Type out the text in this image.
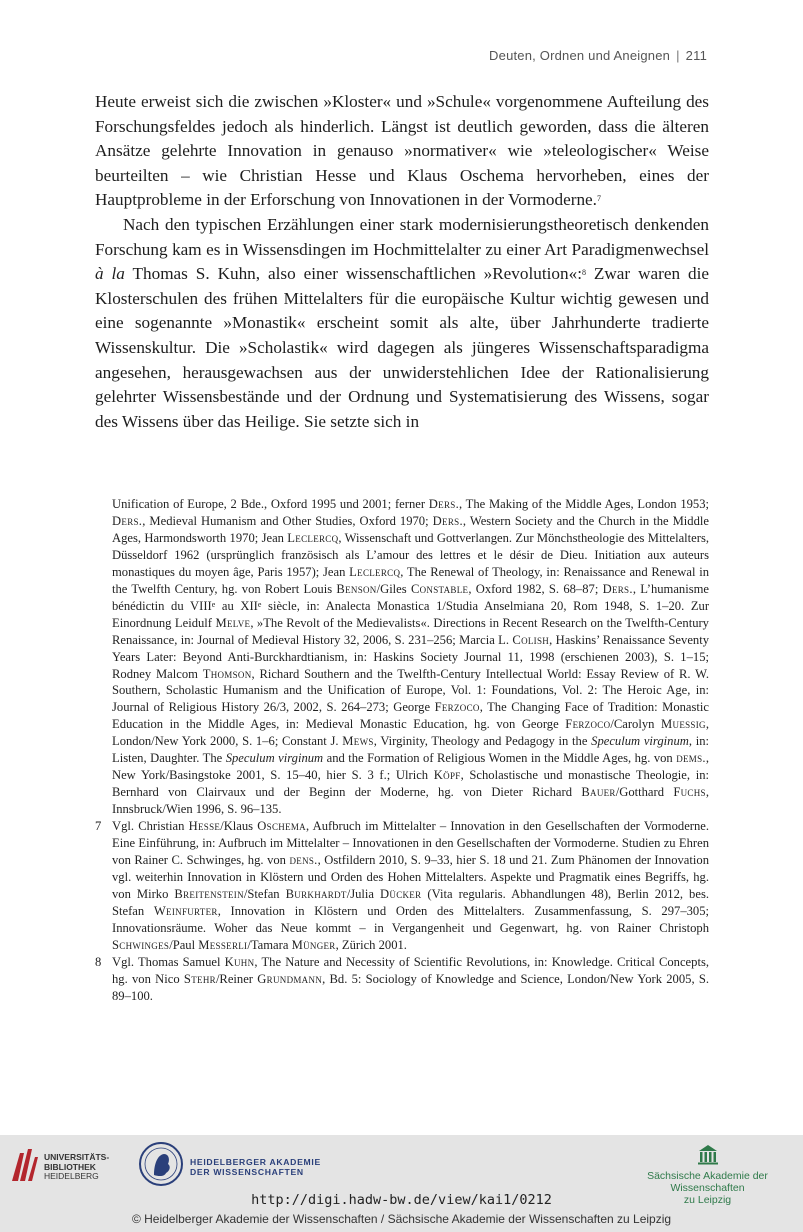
Deuten, Ordnen und Aneignen | 211

Heute erweist sich die zwischen »Kloster« und »Schule« vorgenommene Aufteilung des Forschungsfeldes jedoch als hinderlich. Längst ist deutlich geworden, dass die älteren Ansätze gelehrte Innovation in genauso »normativer« wie »teleologischer« Weise beurteilten – wie Christian Hesse und Klaus Oschema hervorheben, eines der Hauptprobleme in der Erforschung von Innovationen in der Vormoderne.$^7$

Nach den typischen Erzählungen einer stark modernisierungstheoretisch denkenden Forschung kam es in Wissensdingen im Hochmittelalter zu einer Art Paradigmenwechsel à la Thomas S. Kuhn, also einer wissenschaftlichen »Revolution«:$^8$ Zwar waren die Klosterschulen des frühen Mittelalters für die europäische Kultur wichtig gewesen und eine sogenannte »Monastik« erscheint somit als alte, über Jahrhunderte tradierte Wissenskultur. Die »Scholastik« wird dagegen als jüngeres Wissenschaftsparadigma angesehen, herausgewachsen aus der unwiderstehlichen Idee der Rationalisierung gelehrter Wissensbestände und der Ordnung und Systematisierung des Wissens, sogar des Wissens über das Heilige. Sie setzte sich in

Unification of Europe, 2 Bde., Oxford 1995 und 2001; ferner Ders., The Making of the Middle Ages, London 1953; Ders., Medieval Humanism and Other Studies, Oxford 1970; Ders., Western Society and the Church in the Middle Ages, Harmondsworth 1970; Jean Leclercq, Wissenschaft und Gottverlangen. Zur Mönchstheologie des Mittelalters, Düsseldorf 1962 (ursprünglich französisch als L’amour des lettres et le désir de Dieu. Initiation aux auteurs monastiques du moyen âge, Paris 1957); Jean Leclercq, The Renewal of Theology, in: Renaissance and Renewal in the Twelfth Century, hg. von Robert Louis Benson/Giles Constable, Oxford 1982, S. 68–87; Ders., L’humanisme bénédictin du VIIIe au XIIe siècle, in: Analecta Monastica 1/Studia Anselmiana 20, Rom 1948, S. 1–20. Zur Einordnung Leidulf Melve, »The Revolt of the Medievalists«. Directions in Recent Research on the Twelfth-Century Renaissance, in: Journal of Medieval History 32, 2006, S. 231–256; Marcia L. Colish, Haskins’ Renaissance Seventy Years Later: Beyond Anti-Burckhardtianism, in: Haskins Society Journal 11, 1998 (erschienen 2003), S. 1–15; Rodney Malcom Thomson, Richard Southern and the Twelfth-Century Intellectual World: Essay Review of R. W. Southern, Scholastic Humanism and the Unification of Europe, Vol. 1: Foundations, Vol. 2: The Heroic Age, in: Journal of Religious History 26/3, 2002, S. 264–273; George Ferzoco, The Changing Face of Tradition: Monastic Education in the Middle Ages, in: Medieval Monastic Education, hg. von George Ferzoco/Carolyn Muessig, London/New York 2000, S. 1–6; Constant J. Mews, Virginity, Theology and Pedagogy in the Speculum virginum, in: Listen, Daughter. The Speculum virginum and the Formation of Religious Women in the Middle Ages, hg. von dems., New York/Basingstoke 2001, S. 15–40, hier S. 3 f.; Ulrich Köpf, Scholastische und monastische Theologie, in: Bernhard von Clairvaux und der Beginn der Moderne, hg. von Dieter Richard Bauer/Gotthard Fuchs, Innsbruck/Wien 1996, S. 96–135.

7 Vgl. Christian Hesse/Klaus Oschema, Aufbruch im Mittelalter – Innovation in den Gesellschaften der Vormoderne. Eine Einführung, in: Aufbruch im Mittelalter – Innovationen in den Gesellschaften der Vormoderne. Studien zu Ehren von Rainer C. Schwinges, hg. von dens., Ostfildern 2010, S. 9–33, hier S. 18 und 21. Zum Phänomen der Innovation vgl. weiterhin Innovation in Klöstern und Orden des Hohen Mittelalters. Aspekte und Pragmatik eines Begriffs, hg. von Mirko Breitenstein/Stefan Burkhardt/Julia Dücker (Vita regularis. Abhandlungen 48), Berlin 2012, bes. Stefan Weinfurter, Innovation in Klöstern und Orden des Mittelalters. Zusammenfassung, S. 297–305; Innovationsräume. Woher das Neue kommt – in Vergangenheit und Gegenwart, hg. von Rainer Christoph Schwinges/Paul Messerli/Tamara Münger, Zürich 2001.

8 Vgl. Thomas Samuel Kuhn, The Nature and Necessity of Scientific Revolutions, in: Knowledge. Critical Concepts, hg. von Nico Stehr/Reiner Grundmann, Bd. 5: Sociology of Knowledge and Science, London/New York 2005, S. 89–100.

UNIVERSITÄTS-
BIBLIOTHEK
HEIDELBERG
HEIDELBERGER AKADEMIE
DER WISSENSCHAFTEN	Sächsische Akademie der Wissenschaften
zu Leipzig
http://digi.hadw-bw.de/view/kai1/0212
© Heidelberger Akademie der Wissenschaften / Sächsische Akademie der Wissenschaften zu Leipzig
